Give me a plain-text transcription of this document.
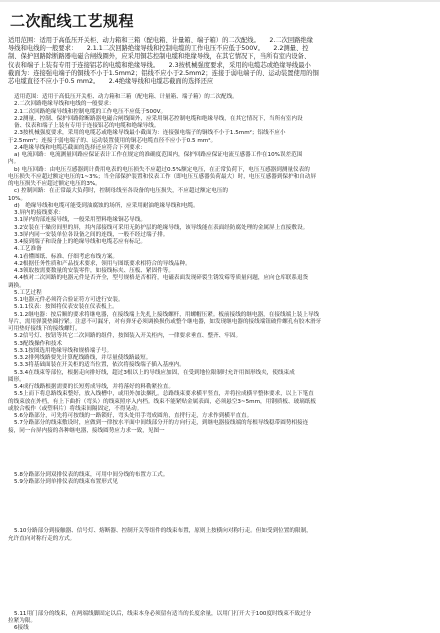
二次配线工艺规程

适用范围：适用于高低压开关柜、动力箱和三箱（配电箱、计量箱、端子箱）的二次配线。　　2.二次回路绝缘

导线和电线的一般要求：　　2.1.1二次回路绝缘导线和控制电缆的工作电压不应低于500V。　　2.2测量、控

制、保护回路除断路器电磁合闸线圈外，应采用铜芯控制电缆和绝缘导线，在其它情况下，当所有室内设备、

仪表和端子上装有专用于连接铝芯的电缆和绝缘导线。　　2.3按机械强度要求，采用的电缆芯或绝缘导线最小

截面为：连接强电端子的铜线不小于1.5mm2；铝线不应小于2.5mm2；连接于弱电端子的、运动装置使用的铜

芯电缆直径不应小于0.5 mm2。　　2.4绝缘导线和电缆芯截面的选择还应

适用范围：适用于高低压开关柜、动力箱和三箱（配电箱、计量箱、端子箱）的二次配线。

2.二次回路绝缘导线和电线的一般要求：

2.1二次回路绝缘导线和控制电缆的工作电压不应低于500V。

2.2测量、控制、保护回路除断路器电磁合闸线圈外，应采用铜芯控制电缆和绝缘导线，在其它情况下，当所有室内设

备、仪表和端子上装有专用于连接铝芯的电缆和绝缘导线。

2.3按机械强度要求，采用的电缆芯或绝缘导线最小截面为：连接强电端子的铜线不小于1.5mm²；铝线不应小

于2.5mm²；连接于弱电端子的、运动装置使用的铜芯电缆直径不应小于0.5 mm²。

2.4绝缘导线和电缆芯截面的选择还应符合下列要求：

a) 电流回路：电流测量回路应保证表计工作在规定的准确度范围内，保护回路应保证电流互感器工作在10%误差范围

内。

b) 电压回路：由电压互感器到计费用电表的电压损失不应超过0.5%额定电压，在正常负荷下，电压互感器到测量仪表的

电压损失不应超过额定电压的1~3%；当全部保护装置和仪表工作（即电压互感器负荷最大）时，电压互感器到保护和自动屏

的电压损失不应超过额定电压的3%。

c) 控制回路：在正常最大负荷时，控制母线至各设备的电压损失，不应超过额定电压的

10%。

d)　绝缘导线和电缆可能受到油腐蚀的场所，应采用耐油绝缘导线和电缆。

3.屏内的接线要求：

3.1屏内的部连接导线，一般采用塑料绝缘铜芯导线。

3.2安装在干燥房间里的屏，其内部接线可采用无防护层的绝缘导线，该导线能在表面经防腐处理的金属屏上直接敷设。

3.3屏内同一安装单位各设备之间的连线，一般不经过端子排。

3.4接到端子和设备上的绝缘导线和电缆芯应有标记。

4.工艺准备

4.1看懂图纸、标准、仔细考虑布线方案。

4.2根据任务性质和产品技术要求，领用与图纸要求相符合的导线品种。

4.3领取按需要数量的安装零件，如接线标夹、压板、紧固件等。

4.4核对二次回路的电器元件是否齐全，型号规格是否相符，电磁表面发现碎裂生锈发霉等质量问题，应向仓库联系退货

调换。

5.工艺过程

5.1电器元件必须符合验证符方可进行安装。

5.1.1仪表：按图将仪表安装在仪表板上。

5.1.2继电器：按后顺的要求将继电器，在接线端上先扎上接线螺杆，用螺帽压紧。板前接线的继电器，在接线端上装上导线

导片，需用弹簧垫圈拧紧。注意不可漏牙，对有弹牙必须调换损伤或整个继电器，如发现继电器的接线端钮破件螺孔有胶木滑牙

可用垫好接线下的接线螺钉。

5.2信号灯、按钮等其它二次回路的组件，按图装入开关柜内，一律要求垂直、整齐、牢固。

5.3配线操作和技术

5.3.1按图选用绝缘导线和规格端子号。

5.3.2排列线路要先计算配线路线，并尽量使线路最短。

5.3.3将基础面装在开关柜的适当位置，依次将接线端子插入基座内。

5.3.4在线束等部位，根据走向排好线，超过3根以上的导线应加固，在受到地位限制时允许用图形线夹，使线束成

圆形。

5.4成行线路根据需要的长短剪成导线，并将落好的料勒紧拉直。

5.5上而下将总路线束整好，放入线槽中，或用外加法捆扎。总路线束要求横平竖直，并将拉成横平整体要求，以上下笔直

的线束放在外档，有上下曲折（弯头）的线束照序入内档。线束不能紧贴金属表面，必须悬空3~5mm，用钢质板、玻璃纸板

或胶合板作（或塑料片）将线束间隔固定，不得晃动。

5.6分路部分，可先将可按线的一路锁好，弯头处用手弯成圆角，直捋行走，方求作到横平直直。

5.7分路部分的线束敷设时，应做到一律按水平面中间线部分开的方向行走，到继电器接线端的每根导线稳带圆势相接连

接，同一台屏内接的各种继电器，接线圆势应力求一致，见图一

5.8分路部分到双排仪表的线束，可用中间分线的布置方工式。

5.9分路部分到单排仪表的线束布置形式见

5.10分路部分到接触器、信号灯、熔断器、控制开关等组件的线束布置，原则上按横向对称行走。但如受到位置的限制，

允许直向对称行走的方式。

5.11用门部分的线束，在两端线脚固定以后，线束本身必须留有适当的长度余量，以用门打开大于100度时线束不致过分

拉紧为限。

6接线
